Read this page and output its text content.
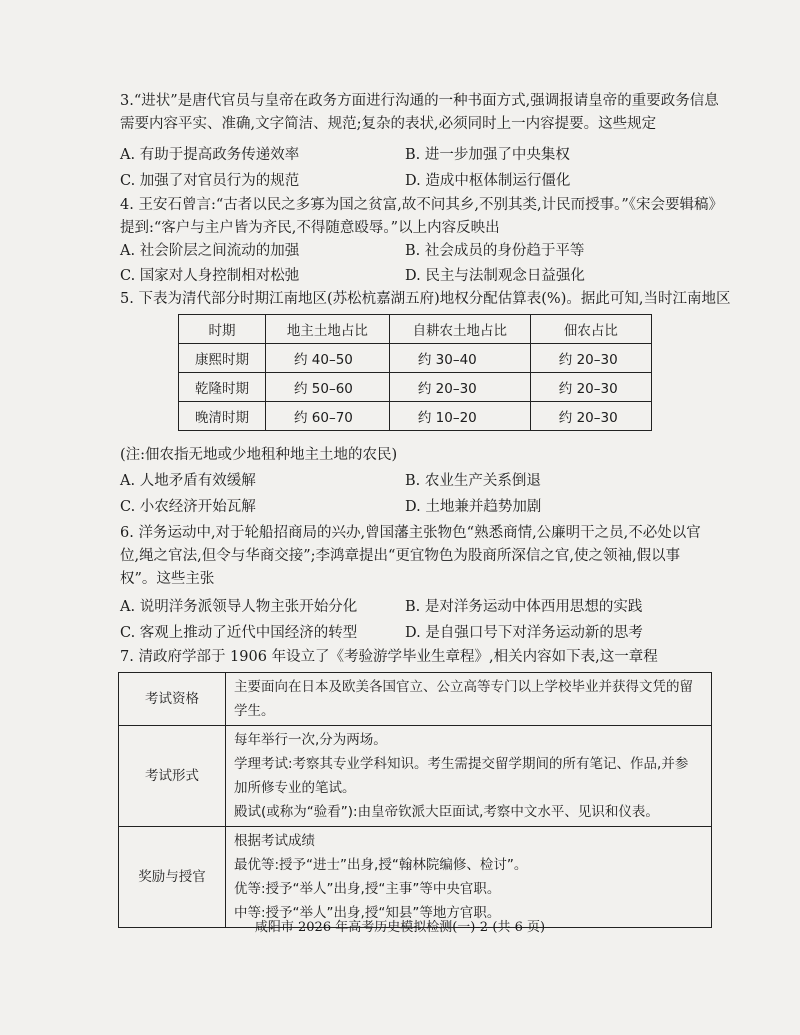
3.“进状”是唐代官员与皇帝在政务方面进行沟通的一种书面方式,强调报请皇帝的重要政务信息
需要内容平实、准确,文字简洁、规范;复杂的表状,必须同时上一内容提要。这些规定
A. 有助于提高政务传递效率	B. 进一步加强了中央集权
C. 加强了对官员行为的规范	D. 造成中枢体制运行僵化
4. 王安石曾言:“古者以民之多寡为国之贫富,故不问其乡,不别其类,计民而授事。”《宋会要辑稿》
提到:“客户与主户皆为齐民,不得随意殴辱。”以上内容反映出
A. 社会阶层之间流动的加强	B. 社会成员的身份趋于平等
C. 国家对人身控制相对松弛	D. 民主与法制观念日益强化
5. 下表为清代部分时期江南地区(苏松杭嘉湖五府)地权分配估算表(%)。据此可知,当时江南地区
时期	地主土地占比	自耕农土地占比	佃农占比
康熙时期	约 40–50	约 30–40	约 20–30
乾隆时期	约 50–60	约 20–30	约 20–30
晚清时期	约 60–70	约 10–20	约 20–30
(注:佃农指无地或少地租种地主土地的农民)
A. 人地矛盾有效缓解	B. 农业生产关系倒退
C. 小农经济开始瓦解	D. 土地兼并趋势加剧
6. 洋务运动中,对于轮船招商局的兴办,曾国藩主张物色“熟悉商情,公廉明干之员,不必处以官
位,绳之官法,但令与华商交接”;李鸿章提出“更宜物色为股商所深信之官,使之领袖,假以事
权”。这些主张
A. 说明洋务派领导人物主张开始分化	B. 是对洋务运动中体西用思想的实践
C. 客观上推动了近代中国经济的转型	D. 是自强口号下对洋务运动新的思考
7. 清政府学部于 1906 年设立了《考验游学毕业生章程》,相关内容如下表,这一章程
考试资格	主要面向在日本及欧美各国官立、公立高等专门以上学校毕业并获得文凭的留
学生。

考试形式	每年举行一次,分为两场。
学理考试:考察其专业学科知识。考生需提交留学期间的所有笔记、作品,并参
加所修专业的笔试。
殿试(或称为“验看”):由皇帝钦派大臣面试,考察中文水平、见识和仪表。

奖励与授官	根据考试成绩
最优等:授予“进士”出身,授“翰林院编修、检讨”。
优等:授予“举人”出身,授“主事”等中央官职。
中等:授予“举人”出身,授“知县”等地方官职。
咸阳市 2026 年高考历史模拟检测(一)-2-(共 6 页)
